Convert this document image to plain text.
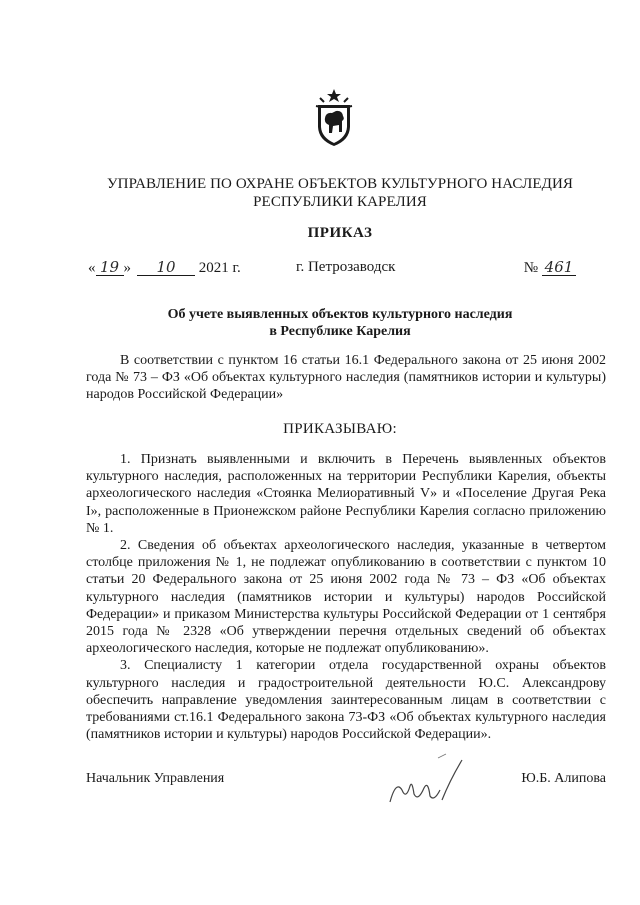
УПРАВЛЕНИЕ ПО ОХРАНЕ ОБЪЕКТОВ КУЛЬТУРНОГО НАСЛЕДИЯ
РЕСПУБЛИКИ КАРЕЛИЯ
ПРИКАЗ
« 19 » 10 2021 г.	г. Петрозаводск	№ 461
Об учете выявленных объектов культурного наследия
в Республике Карелия

В соответствии с пунктом 16 статьи 16.1 Федерального закона от 25 июня 2002 года № 73 – ФЗ «Об объектах культурного наследия (памятников истории и культуры) народов Российской Федерации»

ПРИКАЗЫВАЮ:

1. Признать выявленными и включить в Перечень выявленных объектов культурного наследия, расположенных на территории Республики Карелия, объекты археологического наследия «Стоянка Мелиоративный V» и «Поселение Другая Река I», расположенные в Прионежском районе Республики Карелия согласно приложению № 1.

2. Сведения об объектах археологического наследия, указанные в четвертом столбце приложения № 1, не подлежат опубликованию в соответствии с пунктом 10 статьи 20 Федерального закона от 25 июня 2002 года № 73 – ФЗ «Об объектах культурного наследия (памятников истории и культуры) народов Российской Федерации» и приказом Министерства культуры Российской Федерации от 1 сентября 2015 года № 2328 «Об утверждении перечня отдельных сведений об объектах археологического наследия, которые не подлежат опубликованию».

3. Специалисту 1 категории отдела государственной охраны объектов культурного наследия и градостроительной деятельности Ю.С. Александрову обеспечить направление уведомления заинтересованным лицам в соответствии с требованиями ст.16.1 Федерального закона 73-ФЗ «Об объектах культурного наследия (памятников истории и культуры) народов Российской Федерации».

Начальник Управления	Ю.Б. Алипова
